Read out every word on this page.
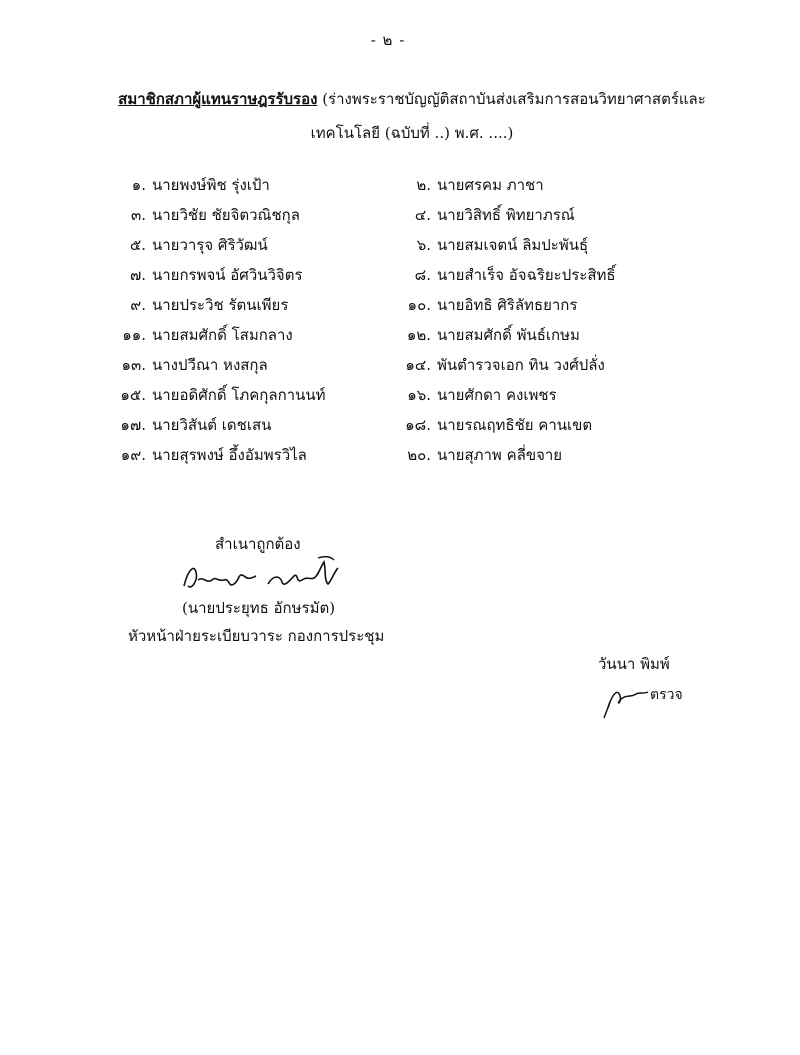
- ๒ -
สมาชิกสภาผู้แทนราษฎรรับรอง (ร่างพระราชบัญญัติสถาบันส่งเสริมการสอนวิทยาศาสตร์และ
เทคโนโลยี (ฉบับที่ ..) พ.ศ. ....)
๑. นายพงษ์พิช รุ่งเป้า	๒. นายศรคม ภาชา
๓. นายวิชัย ชัยจิตวณิชกุล	๔. นายวิสิทธิ์ พิทยาภรณ์
๕. นายวารุจ ศิริวัฒน์	๖. นายสมเจตน์ ลิมปะพันธุ์
๗. นายกรพจน์ อัศวินวิจิตร	๘. นายสำเร็จ อัจฉริยะประสิทธิ์
๙. นายประวิช รัตนเพียร	๑๐. นายอิทธิ ศิริลัทธยากร
๑๑. นายสมศักดิ์ โสมกลาง	๑๒. นายสมศักดิ์ พันธ์เกษม
๑๓. นางปวีณา หงสกุล	๑๔. พันตำรวจเอก ทิน วงศ์ปลั่ง
๑๕. นายอดิศักดิ์ โภคกุลกานนท์	๑๖. นายศักดา คงเพชร
๑๗. นายวิสันต์ เดชเสน	๑๘. นายรณฤทธิชัย คานเขต
๑๙. นายสุรพงษ์ อึ้งอัมพรวิไล	๒๐. นายสุภาพ คลี่ขจาย
สำเนาถูกต้อง
(นายประยุทธ อักษรมัต)
หัวหน้าฝ่ายระเบียบวาระ กองการประชุม
วันนา พิมพ์
ตรวจ
